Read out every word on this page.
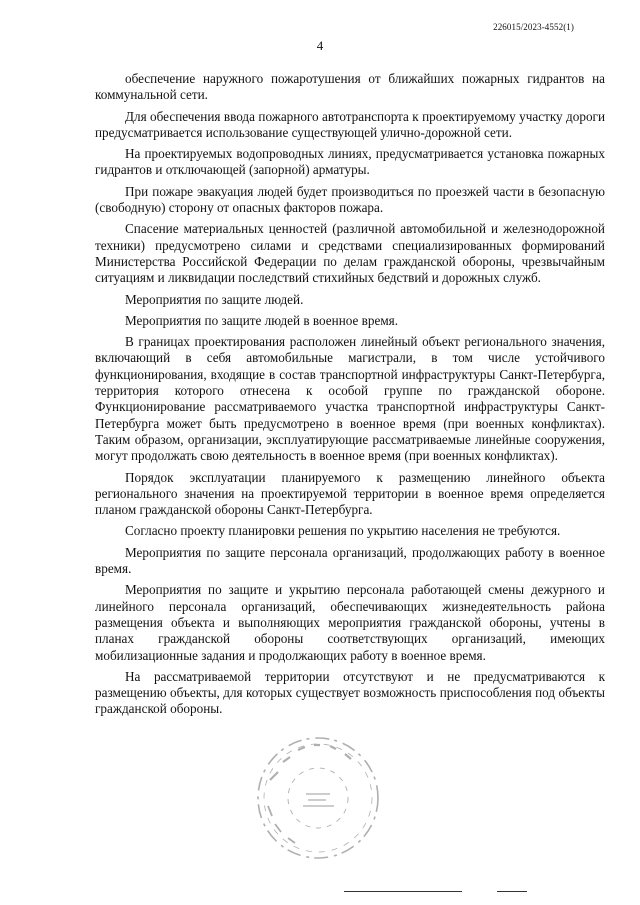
226015/2023-4552(1)
4

обеспечение наружного пожаротушения от ближайших пожарных гидрантов на коммунальной сети.

Для обеспечения ввода пожарного автотранспорта к проектируемому участку дороги предусматривается использование существующей улично-дорожной сети.

На проектируемых водопроводных линиях, предусматривается установка пожарных гидрантов и отключающей (запорной) арматуры.

При пожаре эвакуация людей будет производиться по проезжей части в безопасную (свободную) сторону от опасных факторов пожара.

Спасение материальных ценностей (различной автомобильной и железнодорожной техники) предусмотрено силами и средствами специализированных формирований Министерства Российской Федерации по делам гражданской обороны, чрезвычайным ситуациям и ликвидации последствий стихийных бедствий и дорожных служб.

Мероприятия по защите людей.

Мероприятия по защите людей в военное время.

В границах проектирования расположен линейный объект регионального значения, включающий в себя автомобильные магистрали, в том числе устойчивого функционирования, входящие в состав транспортной инфраструктуры Санкт-Петербурга, территория которого отнесена к особой группе по гражданской обороне. Функционирование рассматриваемого участка транспортной инфраструктуры Санкт-Петербурга может быть предусмотрено в военное время (при военных конфликтах). Таким образом, организации, эксплуатирующие рассматриваемые линейные сооружения, могут продолжать свою деятельность в военное время (при военных конфликтах).

Порядок эксплуатации планируемого к размещению линейного объекта регионального значения на проектируемой территории в военное время определяется планом гражданской обороны Санкт-Петербурга.

Согласно проекту планировки решения по укрытию населения не требуются.

Мероприятия по защите персонала организаций, продолжающих работу в военное время.

Мероприятия по защите и укрытию персонала работающей смены дежурного и линейного персонала организаций, обеспечивающих жизнедеятельность района размещения объекта и выполняющих мероприятия гражданской обороны, учтены в планах гражданской обороны соответствующих организаций, имеющих мобилизационные задания и продолжающих работу в военное время.

На рассматриваемой территории отсутствуют и не предусматриваются к размещению объекты, для которых существует возможность приспособления под объекты гражданской обороны.
